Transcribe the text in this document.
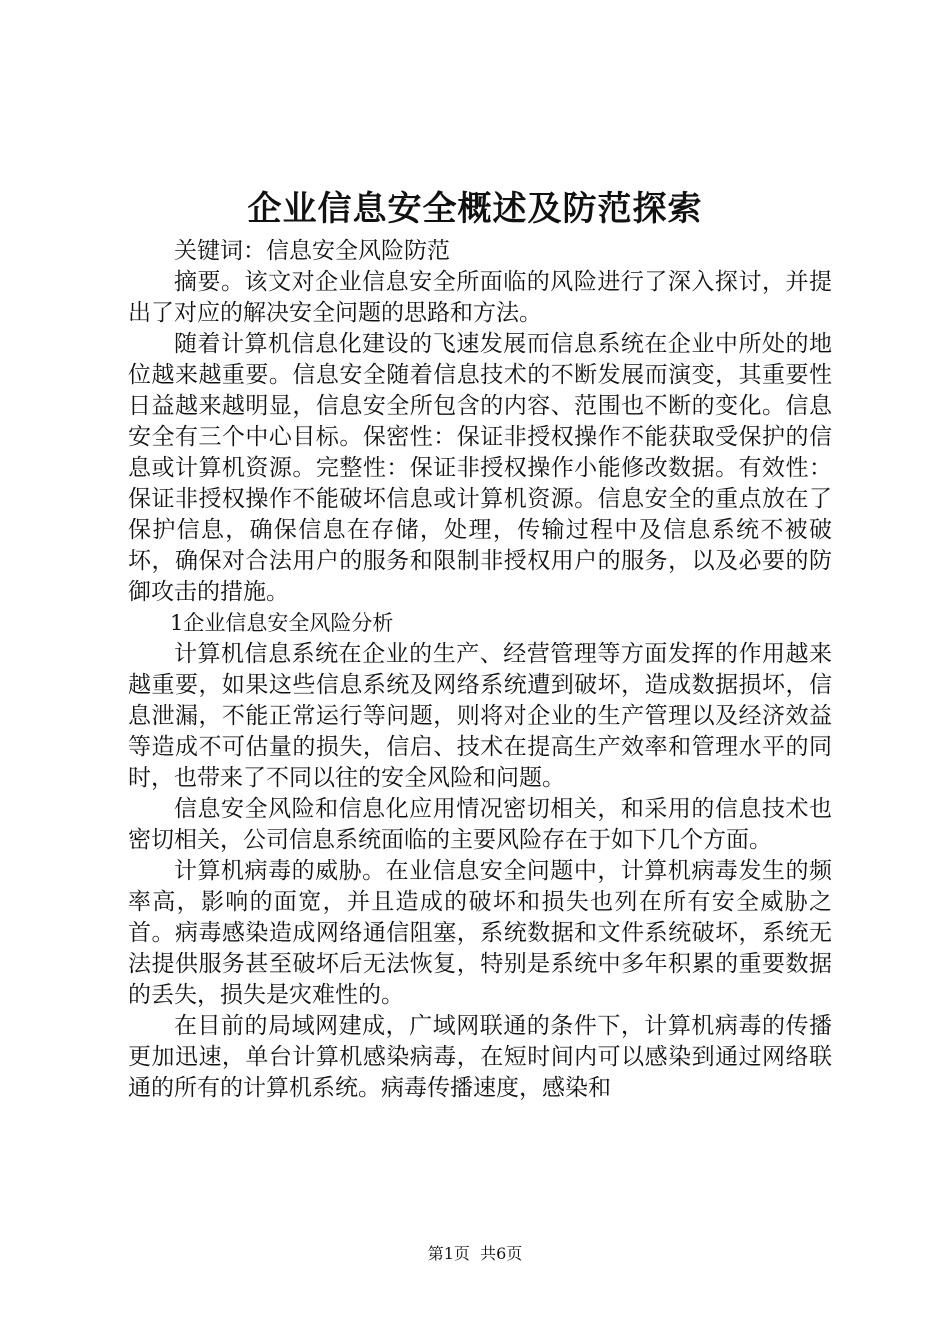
企业信息安全概述及防范探索

关键词：信息安全风险防范

摘要。该文对企业信息安全所面临的风险进行了深入探讨，并提出了对应的解决安全问题的思路和方法。

随着计算机信息化建设的飞速发展而信息系统在企业中所处的地位越来越重要。信息安全随着信息技术的不断发展而演变，其重要性日益越来越明显，信息安全所包含的内容、范围也不断的变化。信息安全有三个中心目标。保密性：保证非授权操作不能获取受保护的信息或计算机资源。完整性：保证非授权操作小能修改数据。有效性：保证非授权操作不能破坏信息或计算机资源。信息安全的重点放在了保护信息，确保信息在存储，处理，传输过程中及信息系统不被破坏，确保对合法用户的服务和限制非授权用户的服务，以及必要的防御攻击的措施。

1企业信息安全风险分析

计算机信息系统在企业的生产、经营管理等方面发挥的作用越来越重要，如果这些信息系统及网络系统遭到破坏，造成数据损坏，信息泄漏，不能正常运行等问题，则将对企业的生产管理以及经济效益等造成不可估量的损失，信启、技术在提高生产效率和管理水平的同时，也带来了不同以往的安全风险和问题。

信息安全风险和信息化应用情况密切相关，和采用的信息技术也密切相关，公司信息系统面临的主要风险存在于如下几个方面。

计算机病毒的威胁。在业信息安全问题中，计算机病毒发生的频率高，影响的面宽，并且造成的破坏和损失也列在所有安全威胁之首。病毒感染造成网络通信阻塞，系统数据和文件系统破坏，系统无法提供服务甚至破坏后无法恢复，特别是系统中多年积累的重要数据的丢失，损失是灾难性的。

在目前的局域网建成，广域网联通的条件下，计算机病毒的传播更加迅速，单台计算机感染病毒，在短时间内可以感染到通过网络联通的所有的计算机系统。病毒传播速度，感染和

第1页  共6页
